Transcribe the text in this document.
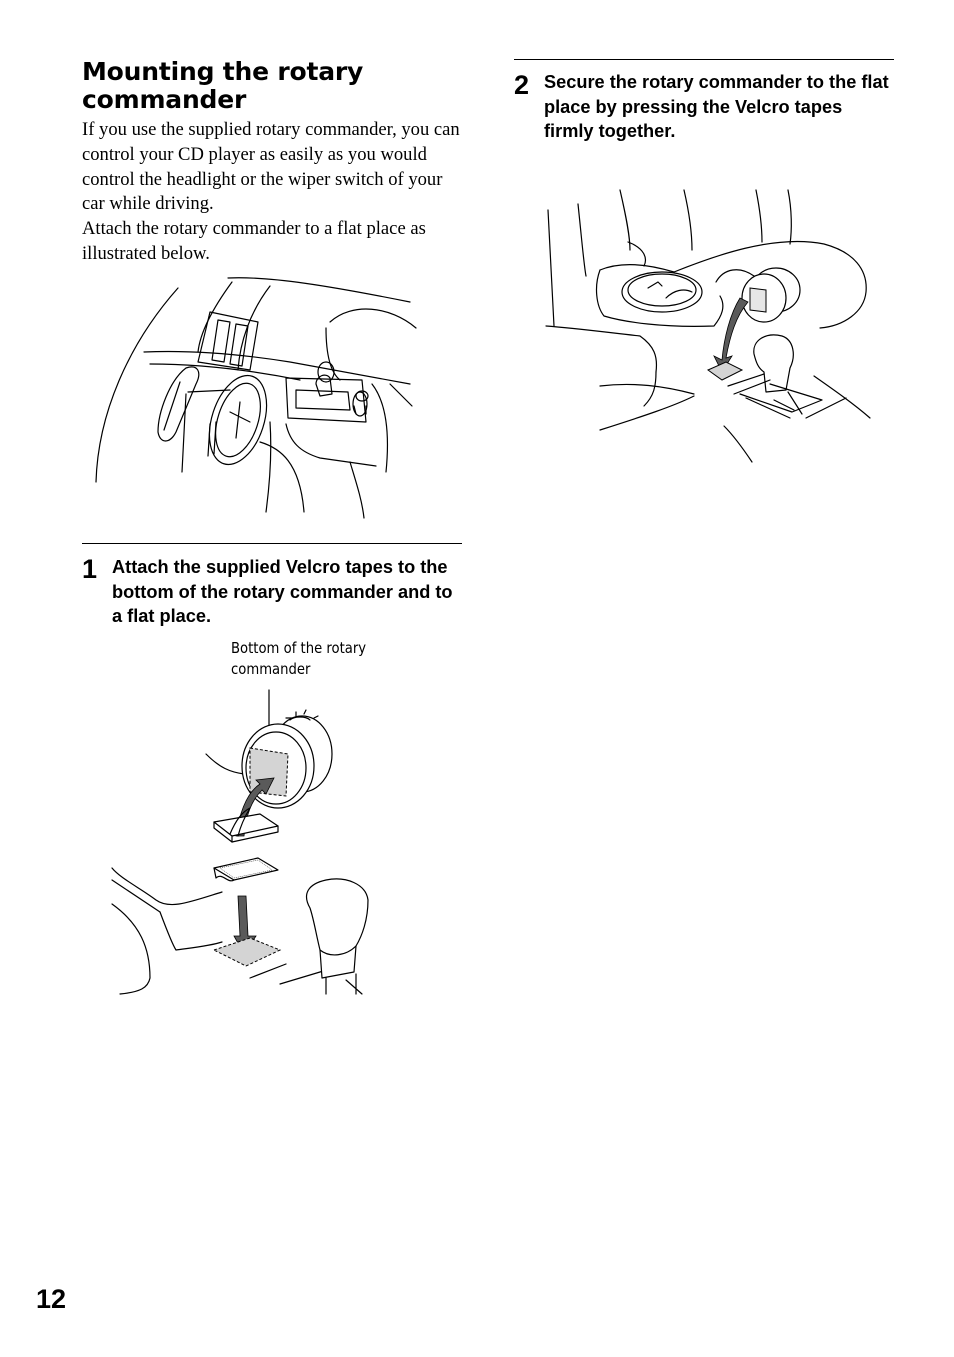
Mounting the rotary commander

If you use the supplied rotary commander, you can control your CD player as easily as you would control the headlight or the wiper switch of your car while driving.

Attach the rotary commander to a flat place as illustrated below.

1 Attach the supplied Velcro tapes to the bottom of the rotary commander and to a flat place.
Bottom of the rotary commander
2 Secure the rotary commander to the flat place by pressing the Velcro tapes firmly together.
12
